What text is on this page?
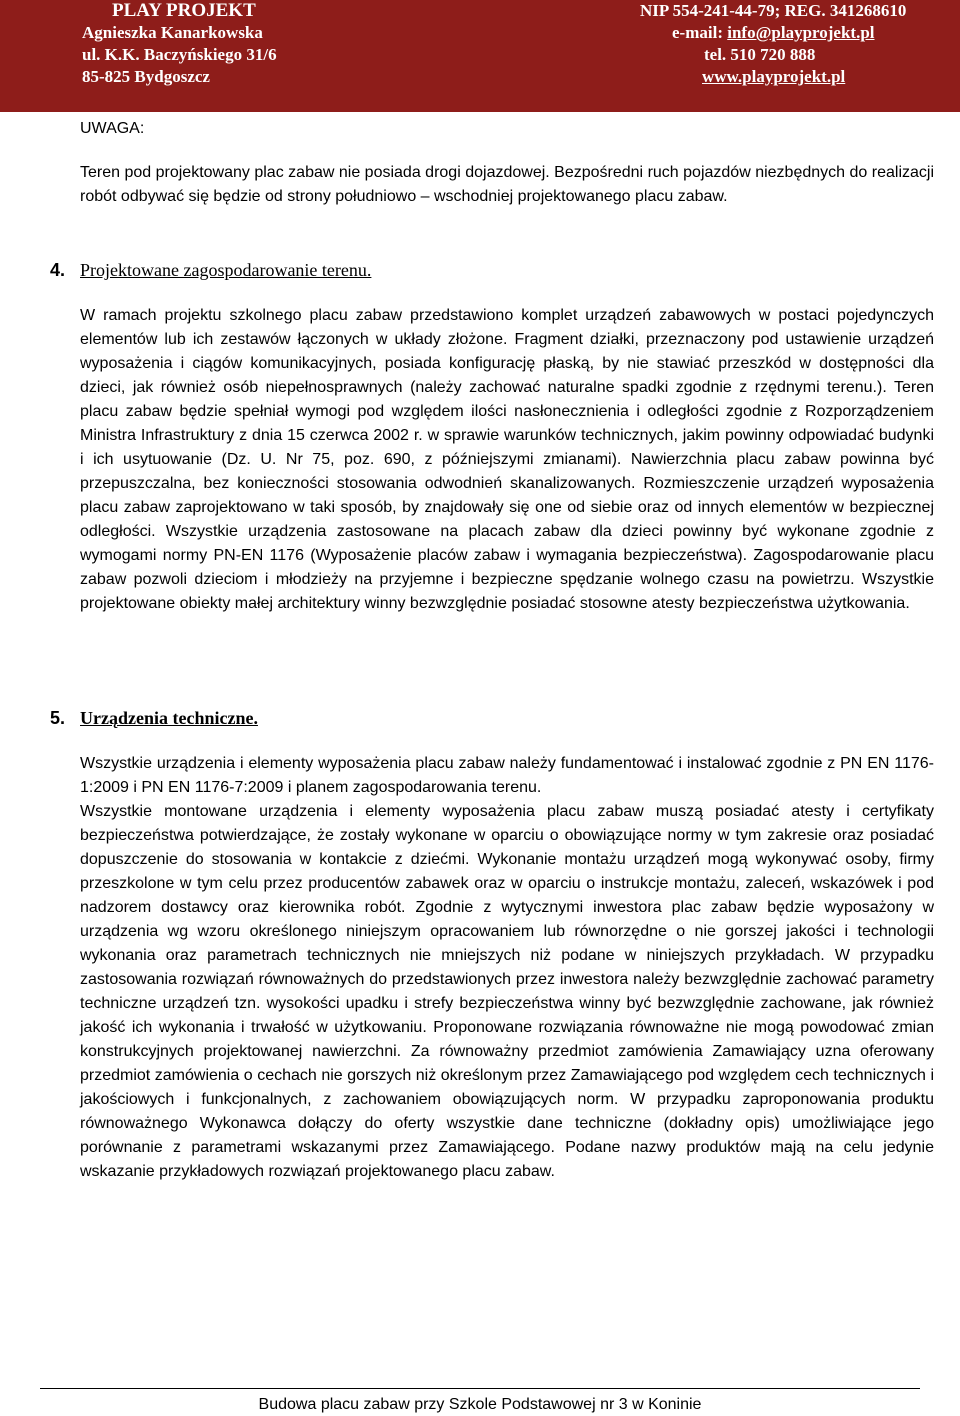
PLAY PROJEKT
Agnieszka Kanarkowska
ul. K.K. Baczyńskiego 31/6
85-825 Bydgoszcz
NIP 554-241-44-79; REG. 341268610
e-mail: info@playprojekt.pl
tel. 510 720 888
www.playprojekt.pl
UWAGA:
Teren pod projektowany plac zabaw nie posiada drogi dojazdowej. Bezpośredni ruch pojazdów niezbędnych do realizacji robót odbywać się będzie od strony południowo – wschodniej projektowanego placu zabaw.
4. Projektowane zagospodarowanie terenu.
W ramach projektu szkolnego placu zabaw przedstawiono komplet urządzeń zabawowych w postaci pojedynczych elementów lub ich zestawów łączonych w układy złożone. Fragment działki, przeznaczony pod ustawienie urządzeń wyposażenia i ciągów komunikacyjnych, posiada konfigurację płaską, by nie stawiać przeszkód w dostępności dla dzieci, jak również osób niepełnosprawnych (należy zachować naturalne spadki zgodnie z rzędnymi terenu.). Teren placu zabaw będzie spełniał wymogi pod względem ilości nasłonecznienia i odległości zgodnie z Rozporządzeniem Ministra Infrastruktury z dnia 15 czerwca 2002 r. w sprawie warunków technicznych, jakim powinny odpowiadać budynki i ich usytuowanie (Dz. U. Nr 75, poz. 690, z późniejszymi zmianami). Nawierzchnia placu zabaw powinna być przepuszczalna, bez konieczności stosowania odwodnień skanalizowanych. Rozmieszczenie urządzeń wyposażenia placu zabaw zaprojektowano w taki sposób, by znajdowały się one od siebie oraz od innych elementów w bezpiecznej odległości. Wszystkie urządzenia zastosowane na placach zabaw dla dzieci powinny być wykonane zgodnie z wymogami normy PN-EN 1176 (Wyposażenie placów zabaw i wymagania bezpieczeństwa). Zagospodarowanie placu zabaw pozwoli dzieciom i młodzieży na przyjemne i bezpieczne spędzanie wolnego czasu na powietrzu. Wszystkie projektowane obiekty małej architektury winny bezwzględnie posiadać stosowne atesty bezpieczeństwa użytkowania.
5. Urządzenia techniczne.

Wszystkie urządzenia i elementy wyposażenia placu zabaw należy fundamentować i instalować zgodnie z PN EN 1176-1:2009 i PN EN 1176-7:2009 i planem zagospodarowania terenu.

Wszystkie montowane urządzenia i elementy wyposażenia placu zabaw muszą posiadać atesty i certyfikaty bezpieczeństwa potwierdzające, że zostały wykonane w oparciu o obowiązujące normy w tym zakresie oraz posiadać dopuszczenie do stosowania w kontakcie z dziećmi. Wykonanie montażu urządzeń mogą wykonywać osoby, firmy przeszkolone w tym celu przez producentów zabawek oraz w oparciu o instrukcje montażu, zaleceń, wskazówek i pod nadzorem dostawcy oraz kierownika robót. Zgodnie z wytycznymi inwestora plac zabaw będzie wyposażony w urządzenia wg wzoru określonego niniejszym opracowaniem lub równorzędne o nie gorszej jakości i technologii wykonania oraz parametrach technicznych nie mniejszych niż podane w niniejszych przykładach. W przypadku zastosowania rozwiązań równoważnych do przedstawionych przez inwestora należy bezwzględnie zachować parametry techniczne urządzeń tzn. wysokości upadku i strefy bezpieczeństwa winny być bezwzględnie zachowane, jak również jakość ich wykonania i trwałość w użytkowaniu. Proponowane rozwiązania równoważne nie mogą powodować zmian konstrukcyjnych projektowanej nawierzchni. Za równoważny przedmiot zamówienia Zamawiający uzna oferowany przedmiot zamówienia o cechach nie gorszych niż określonym przez Zamawiającego pod względem cech technicznych i jakościowych i funkcjonalnych, z zachowaniem obowiązujących norm. W przypadku zaproponowania produktu równoważnego Wykonawca dołączy do oferty wszystkie dane techniczne (dokładny opis) umożliwiające jego porównanie z parametrami wskazanymi przez Zamawiającego. Podane nazwy produktów mają na celu jedynie wskazanie przykładowych rozwiązań projektowanego placu zabaw.

Budowa placu zabaw przy Szkole Podstawowej nr 3 w Koninie
